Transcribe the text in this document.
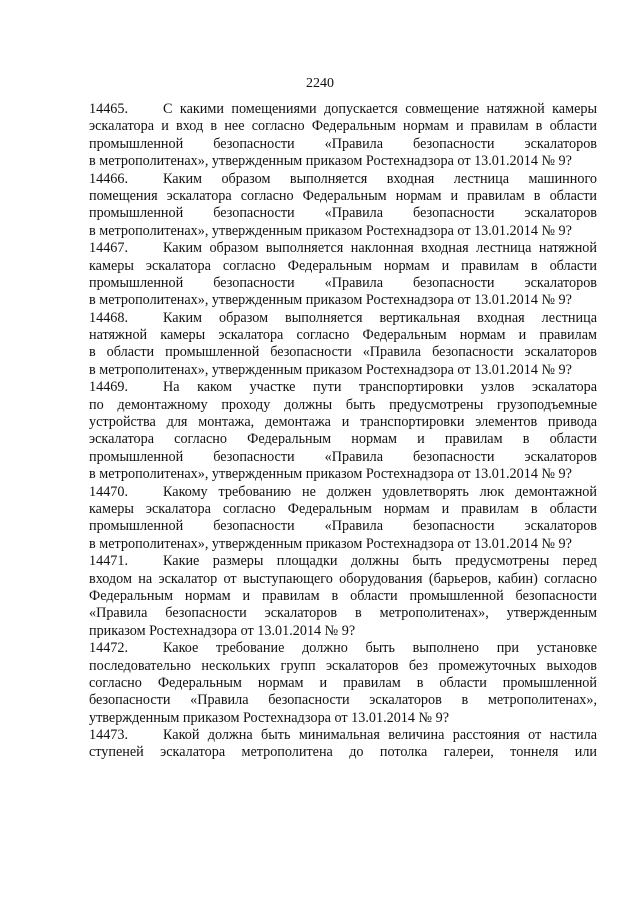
2240
14465. С какими помещениями допускается совмещение натяжной камеры
эскалатора и вход в нее согласно Федеральным нормам и правилам в области
промышленной безопасности «Правила безопасности эскалаторов
в метрополитенах», утвержденным приказом Ростехнадзора от 13.01.2014 № 9?
14466. Каким образом выполняется входная лестница машинного
помещения эскалатора согласно Федеральным нормам и правилам в области
промышленной безопасности «Правила безопасности эскалаторов
в метрополитенах», утвержденным приказом Ростехнадзора от 13.01.2014 № 9?
14467. Каким образом выполняется наклонная входная лестница натяжной
камеры эскалатора согласно Федеральным нормам и правилам в области
промышленной безопасности «Правила безопасности эскалаторов
в метрополитенах», утвержденным приказом Ростехнадзора от 13.01.2014 № 9?
14468. Каким образом выполняется вертикальная входная лестница
натяжной камеры эскалатора согласно Федеральным нормам и правилам
в области промышленной безопасности «Правила безопасности эскалаторов
в метрополитенах», утвержденным приказом Ростехнадзора от 13.01.2014 № 9?
14469. На каком участке пути транспортировки узлов эскалатора
по демонтажному проходу должны быть предусмотрены грузоподъемные
устройства для монтажа, демонтажа и транспортировки элементов привода
эскалатора согласно Федеральным нормам и правилам в области
промышленной безопасности «Правила безопасности эскалаторов
в метрополитенах», утвержденным приказом Ростехнадзора от 13.01.2014 № 9?
14470. Какому требованию не должен удовлетворять люк демонтажной
камеры эскалатора согласно Федеральным нормам и правилам в области
промышленной безопасности «Правила безопасности эскалаторов
в метрополитенах», утвержденным приказом Ростехнадзора от 13.01.2014 № 9?
14471. Какие размеры площадки должны быть предусмотрены перед
входом на эскалатор от выступающего оборудования (барьеров, кабин) согласно
Федеральным нормам и правилам в области промышленной безопасности
«Правила безопасности эскалаторов в метрополитенах», утвержденным
приказом Ростехнадзора от 13.01.2014 № 9?
14472. Какое требование должно быть выполнено при установке
последовательно нескольких групп эскалаторов без промежуточных выходов
согласно Федеральным нормам и правилам в области промышленной
безопасности «Правила безопасности эскалаторов в метрополитенах»,
утвержденным приказом Ростехнадзора от 13.01.2014 № 9?
14473. Какой должна быть минимальная величина расстояния от настила
ступеней эскалатора метрополитена до потолка галереи, тоннеля или
